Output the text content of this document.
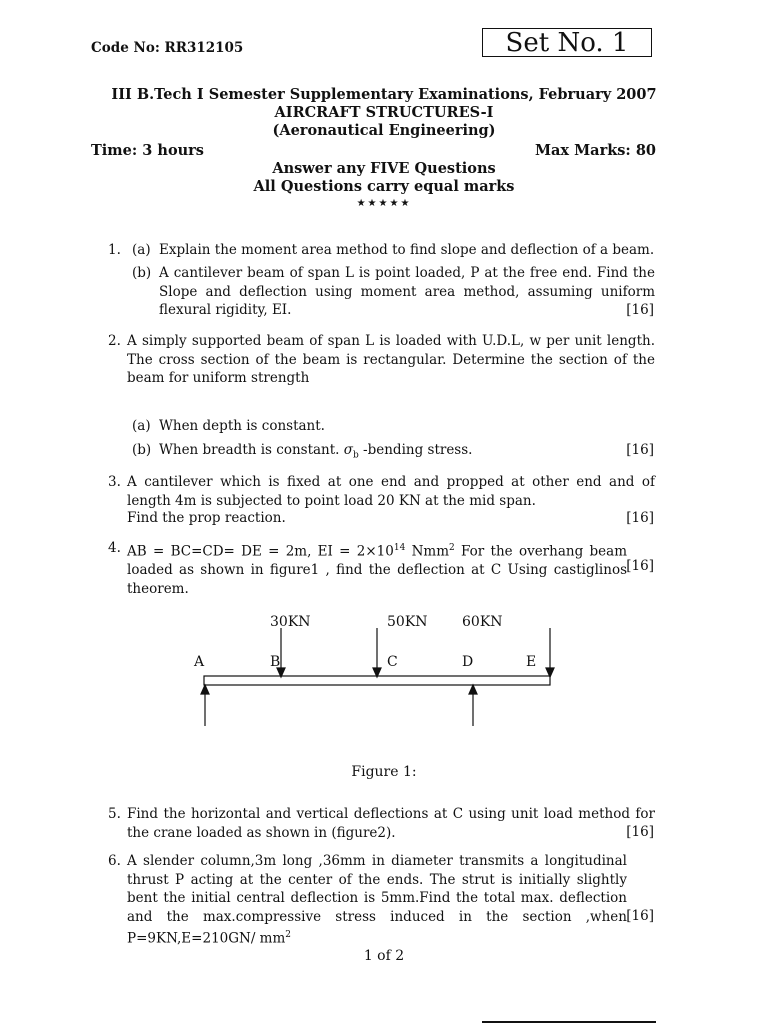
Code No: RR312105	Set No. 1
III B.Tech I Semester Supplementary Examinations, February 2007
AIRCRAFT STRUCTURES-I
(Aeronautical Engineering)
Time: 3 hours	Max Marks: 80
Answer any FIVE Questions
All Questions carry equal marks
★★★★★
1. (a) Explain the moment area method to find slope and deflection of a beam.
(b) A cantilever beam of span L is point loaded, P at the free end. Find the Slope and deflection using moment area method, assuming uniform flexural rigidity, EI.	[16]
2. A simply supported beam of span L is loaded with U.D.L, w per unit length. The cross section of the beam is rectangular. Determine the section of the beam for uniform strength
(a) When depth is constant.
(b) When breadth is constant. $\sigma_b$ -bending stress.	[16]
3. A cantilever which is fixed at one end and propped at other end and of length 4m is subjected to point load 20 KN at the mid span.
Find the prop reaction.	[16]
4. AB = BC=CD= DE = 2m, EI = $2\times 10^{14}$ Nmm$^2$ For the overhang beam loaded as shown in figure1 , find the deflection at C Using castiglinos theorem.
[16]
30KN	50KN 60KN
A	B	C	D	E
Figure 1:
5. Find the horizontal and vertical deflections at C using unit load method for the crane loaded as shown in (figure2).	[16]
6. A slender column,3m long ,36mm in diameter transmits a longitudinal thrust P acting at the center of the ends. The strut is initially slightly bent the initial central deflection is 5mm.Find the total max. deflection and the max.compressive stress induced in the section ,when P=9KN,E=210GN/ $mm^2$
[16]
1 of 2
